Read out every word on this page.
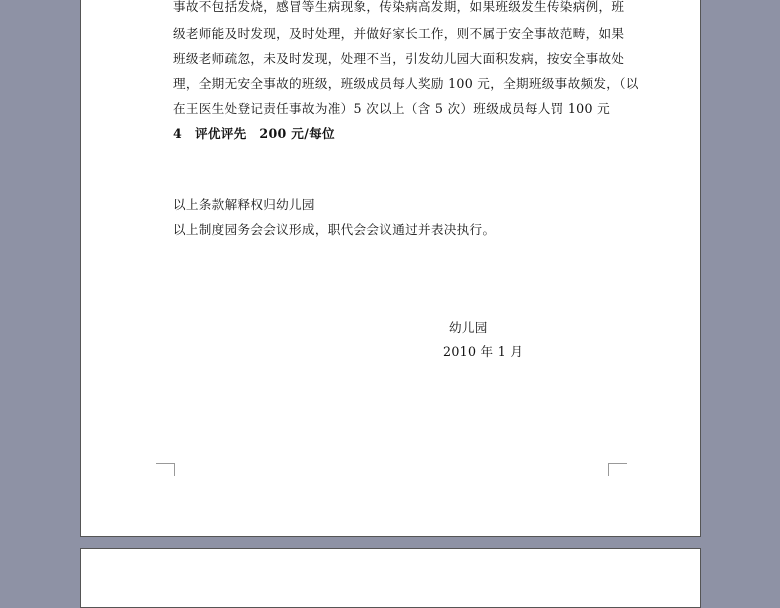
事故不包括发烧，感冒等生病现象，传染病高发期，如果班级发生传染病例，班
级老师能及时发现，及时处理，并做好家长工作，则不属于安全事故范畴，如果
班级老师疏忽，未及时发现，处理不当，引发幼儿园大面积发病，按安全事故处
理，全期无安全事故的班级，班级成员每人奖励 100 元，全期班级事故频发，（以
在王医生处登记责任事故为准）5 次以上（含 5 次）班级成员每人罚 100 元
4　评优评先　200 元/每位
以上条款解释权归幼儿园
以上制度园务会会议形成，职代会会议通过并表决执行。
幼儿园
2010 年 1 月
